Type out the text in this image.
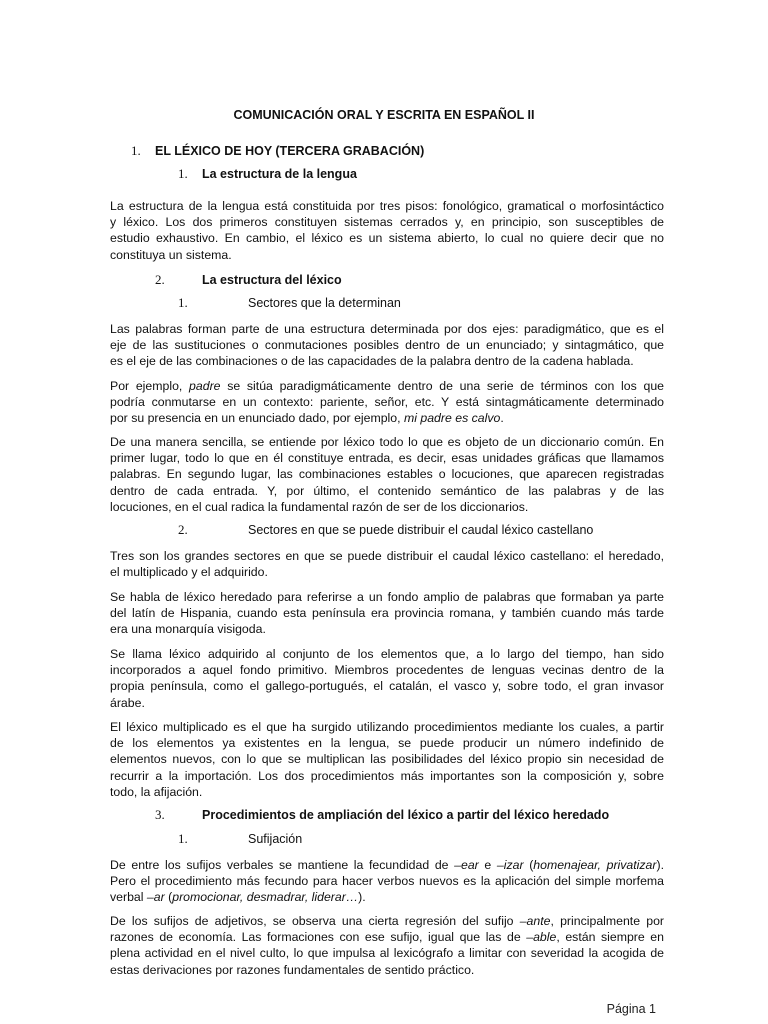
COMUNICACIÓN ORAL Y ESCRITA EN ESPAÑOL II
1. EL LÉXICO DE HOY (TERCERA GRABACIÓN)
1. La estructura de la lengua
La estructura de la lengua está constituida por tres pisos: fonológico, gramatical o morfosintáctico
y léxico. Los dos primeros constituyen sistemas cerrados y, en principio, son susceptibles de
estudio exhaustivo. En cambio, el léxico es un sistema abierto, lo cual no quiere decir que no
constituya un sistema.
2.	La estructura del léxico
1.	Sectores que la determinan
Las palabras forman parte de una estructura determinada por dos ejes: paradigmático, que es el
eje de las sustituciones o conmutaciones posibles dentro de un enunciado; y sintagmático, que
es el eje de las combinaciones o de las capacidades de la palabra dentro de la cadena hablada.
Por ejemplo, padre se sitúa paradigmáticamente dentro de una serie de términos con los que
podría conmutarse en un contexto: pariente, señor, etc. Y está sintagmáticamente determinado
por su presencia en un enunciado dado, por ejemplo, mi padre es calvo.
De una manera sencilla, se entiende por léxico todo lo que es objeto de un diccionario común. En
primer lugar, todo lo que en él constituye entrada, es decir, esas unidades gráficas que llamamos
palabras. En segundo lugar, las combinaciones estables o locuciones, que aparecen registradas
dentro de cada entrada. Y, por último, el contenido semántico de las palabras y de las
locuciones, en el cual radica la fundamental razón de ser de los diccionarios.
2.	Sectores en que se puede distribuir el caudal léxico castellano
Tres son los grandes sectores en que se puede distribuir el caudal léxico castellano: el heredado,
el multiplicado y el adquirido.
Se habla de léxico heredado para referirse a un fondo amplio de palabras que formaban ya parte
del latín de Hispania, cuando esta península era provincia romana, y también cuando más tarde
era una monarquía visigoda.
Se llama léxico adquirido al conjunto de los elementos que, a lo largo del tiempo, han sido
incorporados a aquel fondo primitivo. Miembros procedentes de lenguas vecinas dentro de la
propia península, como el gallego-portugués, el catalán, el vasco y, sobre todo, el gran invasor
árabe.
El léxico multiplicado es el que ha surgido utilizando procedimientos mediante los cuales, a partir
de los elementos ya existentes en la lengua, se puede producir un número indefinido de
elementos nuevos, con lo que se multiplican las posibilidades del léxico propio sin necesidad de
recurrir a la importación. Los dos procedimientos más importantes son la composición y, sobre
todo, la afijación.
3.	Procedimientos de ampliación del léxico a partir del léxico heredado
1.	Sufijación
De entre los sufijos verbales se mantiene la fecundidad de –ear e –izar (homenajear, privatizar).
Pero el procedimiento más fecundo para hacer verbos nuevos es la aplicación del simple morfema
verbal –ar (promocionar, desmadrar, liderar…).
De los sufijos de adjetivos, se observa una cierta regresión del sufijo –ante, principalmente por
razones de economía. Las formaciones con ese sufijo, igual que las de –able, están siempre en
plena actividad en el nivel culto, lo que impulsa al lexicógrafo a limitar con severidad la acogida de
estas derivaciones por razones fundamentales de sentido práctico.
Página 1
